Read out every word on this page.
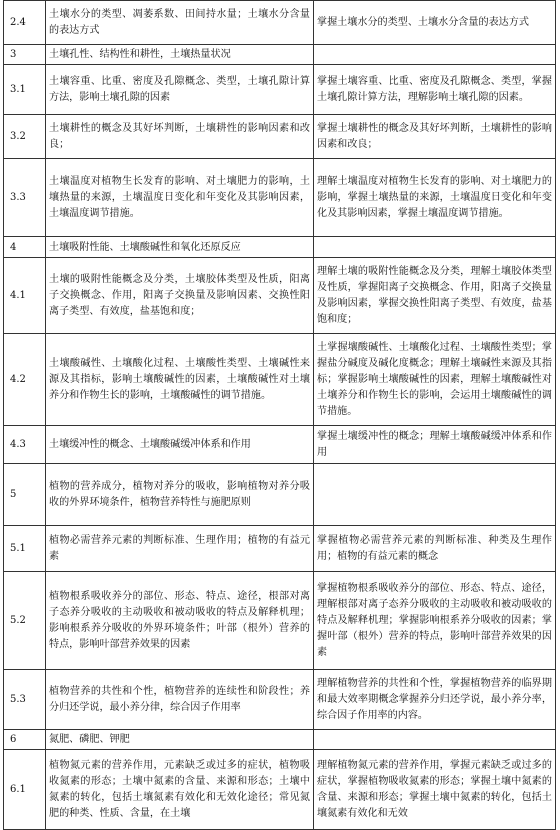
2.4	土壤水分的类型、凋萎系数、田间持水量；土壤水分含量的表达方式	掌握土壤水分的类型、土壤水分含量的表达方式
3	土壤孔性、结构性和耕性，土壤热量状况	
3.1	土壤容重、比重、密度及孔隙概念、类型，土壤孔隙计算方法，影响土壤孔隙的因素	掌握土壤容重、比重、密度及孔隙概念、类型，掌握土壤孔隙计算方法，理解影响土壤孔隙的因素。
3.2	土壤耕性的概念及其好坏判断，土壤耕性的影响因素和改良；	掌握土壤耕性的概念及其好坏判断，土壤耕性的影响因素和改良；
3.3	土壤温度对植物生长发育的影响、对土壤肥力的影响，土壤热量的来源，土壤温度日变化和年变化及其影响因素，土壤温度调节措施。	理解土壤温度对植物生长发育的影响、对土壤肥力的影响，掌握土壤热量的来源，土壤温度日变化和年变化及其影响因素，掌握土壤温度调节措施。
4	土壤吸附性能、土壤酸碱性和氧化还原反应	
4.1	土壤的吸附性能概念及分类，土壤胶体类型及性质，阳离子交换概念、作用，阳离子交换量及影响因素、交换性阳离子类型、有效度，盐基饱和度；	理解土壤的吸附性能概念及分类，理解土壤胶体类型及性质，掌握阳离子交换概念、作用，阳离子交换量及影响因素，掌握交换性阳离子类型、有效度，盐基饱和度；
4.2	土壤酸碱性、土壤酸化过程、土壤酸性类型、土壤碱性来源及其指标，影响土壤酸碱性的因素，土壤酸碱性对土壤养分和作物生长的影响，土壤酸碱性的调节措施。	土掌握壤酸碱性、土壤酸化过程、土壤酸性类型；掌握盐分碱度及碱化度概念；理解土壤碱性来源及其指标；掌握影响土壤酸碱性的因素，理解土壤酸碱性对土壤养分和作物生长的影响，会运用土壤酸碱性的调节措施。
4.3	土壤缓冲性的概念、土壤酸碱缓冲体系和作用	掌握土壤缓冲性的概念；理解土壤酸碱缓冲体系和作用
5	植物的营养成分，植物对养分的吸收，影响植物对养分吸收的外界环境条件，植物营养特性与施肥原则	
5.1	植物必需营养元素的判断标准、生理作用；植物的有益元素	掌握植物必需营养元素的判断标准、种类及生理作用；植物的有益元素的概念
5.2	植物根系吸收养分的部位、形态、特点、途径，根部对离子态养分吸收的主动吸收和被动吸收的特点及解释机理；影响根系养分吸收的外界环境条件；叶部（根外）营养的特点，影响叶部营养效果的因素	掌握植物根系吸收养分的部位、形态、特点、途径，理解根部对离子态养分吸收的主动吸收和被动吸收的特点及解释机理；掌握影响根系养分吸收的因素；掌握叶部（根外）营养的特点，影响叶部营养效果的因素
5.3	植物营养的共性和个性，植物营养的连续性和阶段性；养分归还学说，最小养分律，综合因子作用率	理解植物营养的共性和个性，掌握植物营养的临界期和最大效率期概念掌握养分归还学说，最小养分率，综合因子作用率的内容。
6	氮肥、磷肥、钾肥	
6.1	植物氮元素的营养作用，元素缺乏或过多的症状，植物吸收氮素的形态；土壤中氮素的含量、来源和形态；土壤中氮素的转化，包括土壤氮素有效化和无效化途径；常见氮肥的种类、性质、含量，在土壤	理解植物氮元素的营养作用，掌握元素缺乏或过多的症状，掌握植物吸收氮素的形态；掌握土壤中氮素的含量、来源和形态；掌握土壤中氮素的转化，包括土壤氮素有效化和无效
